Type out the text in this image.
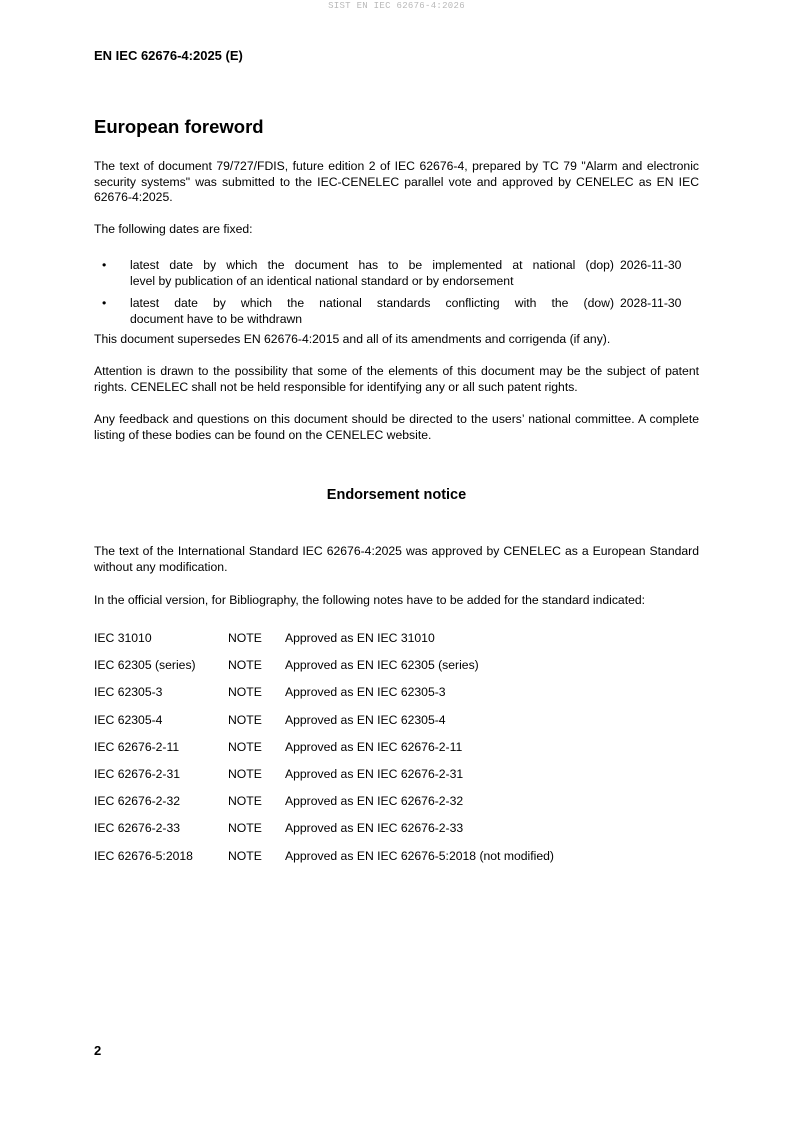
SIST EN IEC 62676-4:2026
EN IEC 62676-4:2025 (E)
European foreword
The text of document 79/727/FDIS, future edition 2 of IEC 62676-4, prepared by TC 79 "Alarm and electronic security systems" was submitted to the IEC-CENELEC parallel vote and approved by CENELEC as EN IEC 62676-4:2025.
The following dates are fixed:
• latest date by which the document has to be implemented at national (dop)
level by publication of an identical national standard or by endorsement
2026-11-30
• latest date by which the national standards conflicting with the (dow)
document have to be withdrawn
2028-11-30
This document supersedes EN 62676-4:2015 and all of its amendments and corrigenda (if any).
Attention is drawn to the possibility that some of the elements of this document may be the subject of patent rights. CENELEC shall not be held responsible for identifying any or all such patent rights.
Any feedback and questions on this document should be directed to the users’ national committee. A complete listing of these bodies can be found on the CENELEC website.
Endorsement notice
The text of the International Standard IEC 62676-4:2025 was approved by CENELEC as a European Standard without any modification.
In the official version, for Bibliography, the following notes have to be added for the standard indicated:
IEC 31010	NOTE Approved as EN IEC 31010
IEC 62305 (series)	NOTE Approved as EN IEC 62305 (series)
IEC 62305-3	NOTE Approved as EN IEC 62305-3
IEC 62305-4	NOTE Approved as EN IEC 62305-4
IEC 62676-2-11	NOTE Approved as EN IEC 62676-2-11
IEC 62676-2-31	NOTE Approved as EN IEC 62676-2-31
IEC 62676-2-32	NOTE Approved as EN IEC 62676-2-32
IEC 62676-2-33	NOTE Approved as EN IEC 62676-2-33
IEC 62676-5:2018	NOTE Approved as EN IEC 62676-5:2018 (not modified)
2
